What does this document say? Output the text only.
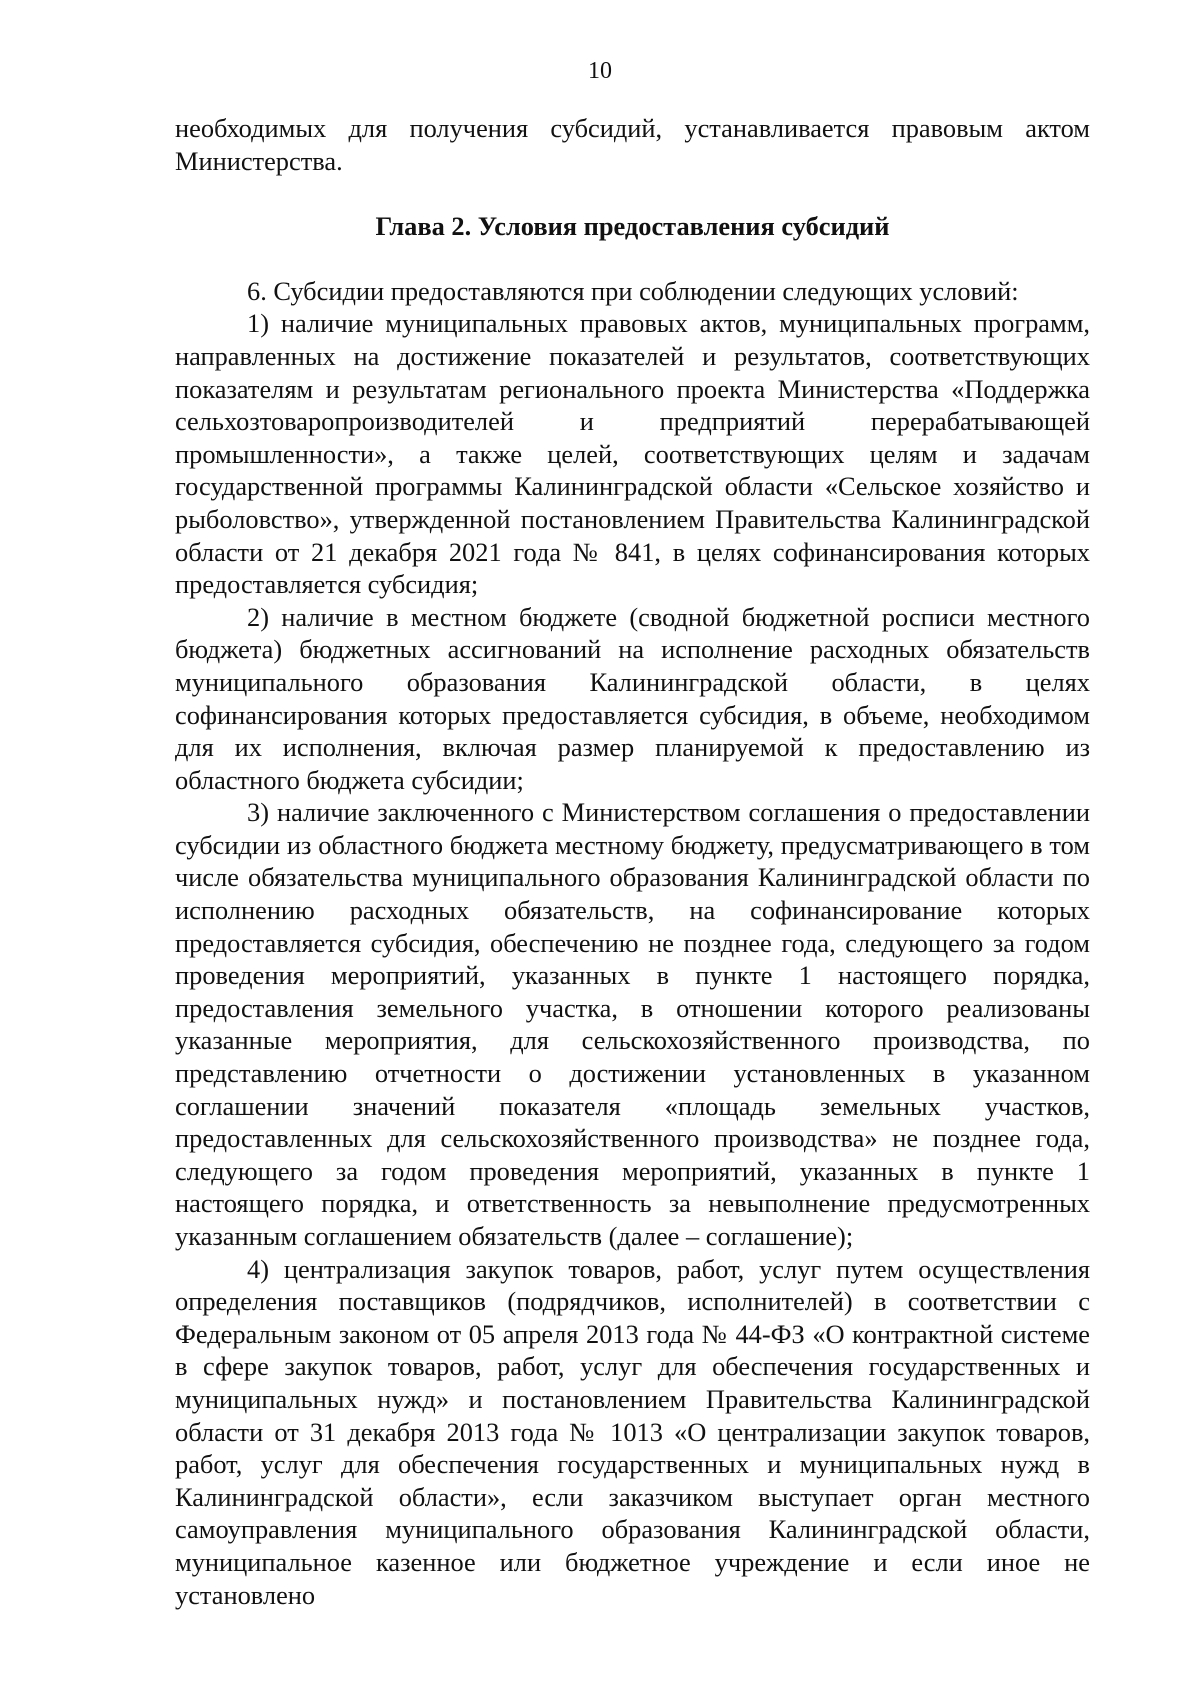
10

необходимых для получения субсидий, устанавливается правовым актом Министерства.

Глава 2. Условия предоставления субсидий

6. Субсидии предоставляются при соблюдении следующих условий:

1) наличие муниципальных правовых актов, муниципальных программ, направленных на достижение показателей и результатов, соответствующих показателям и результатам регионального проекта Министерства «Поддержка сельхозтоваропроизводителей и предприятий перерабатывающей промышленности», а также целей, соответствующих целям и задачам государственной программы Калининградской области «Сельское хозяйство и рыболовство», утвержденной постановлением Правительства Калининградской области от 21 декабря 2021 года № 841, в целях софинансирования которых предоставляется субсидия;

2) наличие в местном бюджете (сводной бюджетной росписи местного бюджета) бюджетных ассигнований на исполнение расходных обязательств муниципального образования Калининградской области, в целях софинансирования которых предоставляется субсидия, в объеме, необходимом для их исполнения, включая размер планируемой к предоставлению из областного бюджета субсидии;

3) наличие заключенного с Министерством соглашения о предоставлении субсидии из областного бюджета местному бюджету, предусматривающего в том числе обязательства муниципального образования Калининградской области по исполнению расходных обязательств, на софинансирование которых предоставляется субсидия, обеспечению не позднее года, следующего за годом проведения мероприятий, указанных в пункте 1 настоящего порядка, предоставления земельного участка, в отношении которого реализованы указанные мероприятия, для сельскохозяйственного производства, по представлению отчетности о достижении установленных в указанном соглашении значений показателя «площадь земельных участков, предоставленных для сельскохозяйственного производства» не позднее года, следующего за годом проведения мероприятий, указанных в пункте 1 настоящего порядка, и ответственность за невыполнение предусмотренных указанным соглашением обязательств (далее – соглашение);

4) централизация закупок товаров, работ, услуг путем осуществления определения поставщиков (подрядчиков, исполнителей) в соответствии с Федеральным законом от 05 апреля 2013 года № 44-ФЗ «О контрактной системе в сфере закупок товаров, работ, услуг для обеспечения государственных и муниципальных нужд» и постановлением Правительства Калининградской области от 31 декабря 2013 года № 1013 «О централизации закупок товаров, работ, услуг для обеспечения государственных и муниципальных нужд в Калининградской области», если заказчиком выступает орган местного самоуправления муниципального образования Калининградской области, муниципальное казенное или бюджетное учреждение и если иное не установлено
